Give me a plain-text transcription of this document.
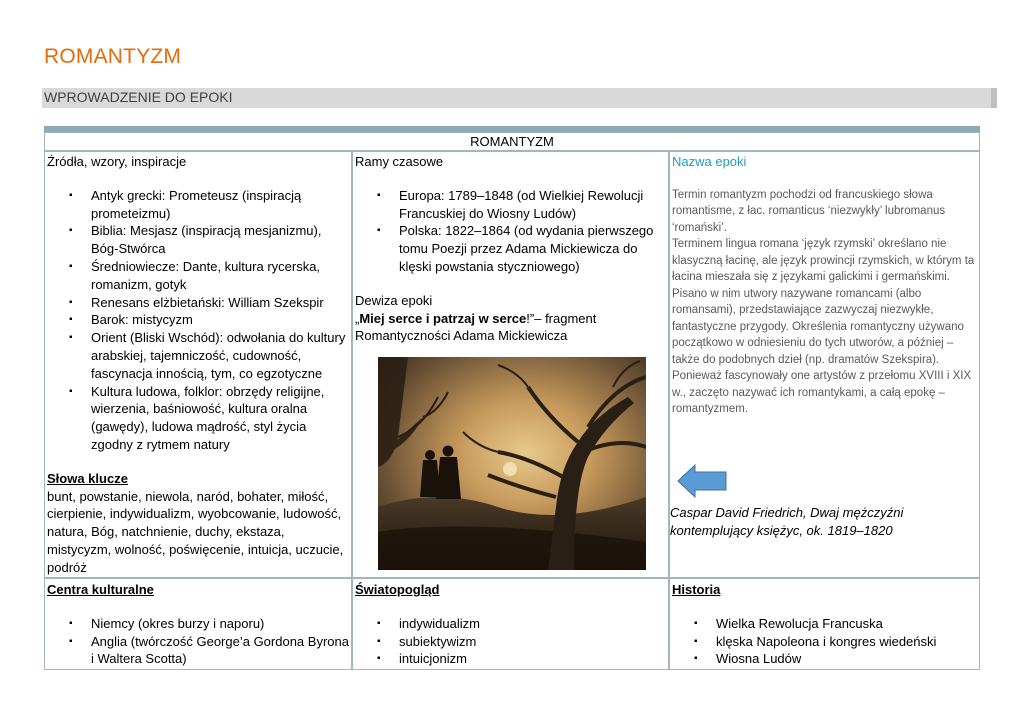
ROMANTYZM
WPROWADZENIE DO EPOKI
ROMANTYZM
Źródła, wzory, inspiracje
▪ Antyk grecki: Prometeusz (inspiracją prometeizmu)
▪ Biblia: Mesjasz (inspiracją mesjanizmu), Bóg-Stwórca
▪ Średniowiecze: Dante, kultura rycerska, romanizm, gotyk
▪ Renesans elżbietański: William Szekspir
▪ Barok: mistycyzm
▪ Orient (Bliski Wschód): odwołania do kultury arabskiej, tajemniczość, cudowność, fascynacja innością, tym, co egzotyczne
▪ Kultura ludowa, folklor: obrzędy religijne, wierzenia, baśniowość, kultura oralna (gawędy), ludowa mądrość, styl życia zgodny z rytmem natury
Słowa klucze
bunt, powstanie, niewola, naród, bohater, miłość, cierpienie, indywidualizm, wyobcowanie, ludowość, natura, Bóg, natchnienie, duchy, ekstaza, mistycyzm, wolność, poświęcenie, intuicja, uczucie, podróż
Ramy czasowe
▪ Europa: 1789–1848 (od Wielkiej Rewolucji Francuskiej do Wiosny Ludów)
▪ Polska: 1822–1864 (od wydania pierwszego tomu Poezji przez Adama Mickiewicza do klęski powstania styczniowego)
Dewiza epoki
„Miej serce i patrzaj w serce!”– fragment Romantyczności Adama Mickiewicza
Nazwa epoki
Termin romantyzm pochodzi od francuskiego słowa romantisme, z łac. romanticus ‘niezwykły’ lubromanus ‘romański’.
Terminem lingua romana ‘język rzymski’ określano nie klasyczną łacinę, ale język prowincji rzymskich, w którym ta łacina mieszała się z językami galickimi i germańskimi. Pisano w nim utwory nazywane romancami (albo romansami), przedstawiające zazwyczaj niezwykłe, fantastyczne przygody. Określenia romantyczny używano początkowo w odniesieniu do tych utworów, a później – także do podobnych dzieł (np. dramatów Szekspira). Ponieważ fascynowały one artystów z przełomu XVIII i XIX w., zaczęto nazywać ich romantykami, a całą epokę – romantyzmem.
Caspar David Friedrich, Dwaj mężczyźni kontemplujący księżyc, ok. 1819–1820
Centra kulturalne
▪ Niemcy (okres burzy i naporu)
▪ Anglia (twórczość George’a Gordona Byrona i Waltera Scotta)
Światopogląd
▪ indywidualizm
▪ subiektywizm
▪ intuicjonizm
Historia
▪ Wielka Rewolucja Francuska
▪ klęska Napoleona i kongres wiedeński
▪ Wiosna Ludów
